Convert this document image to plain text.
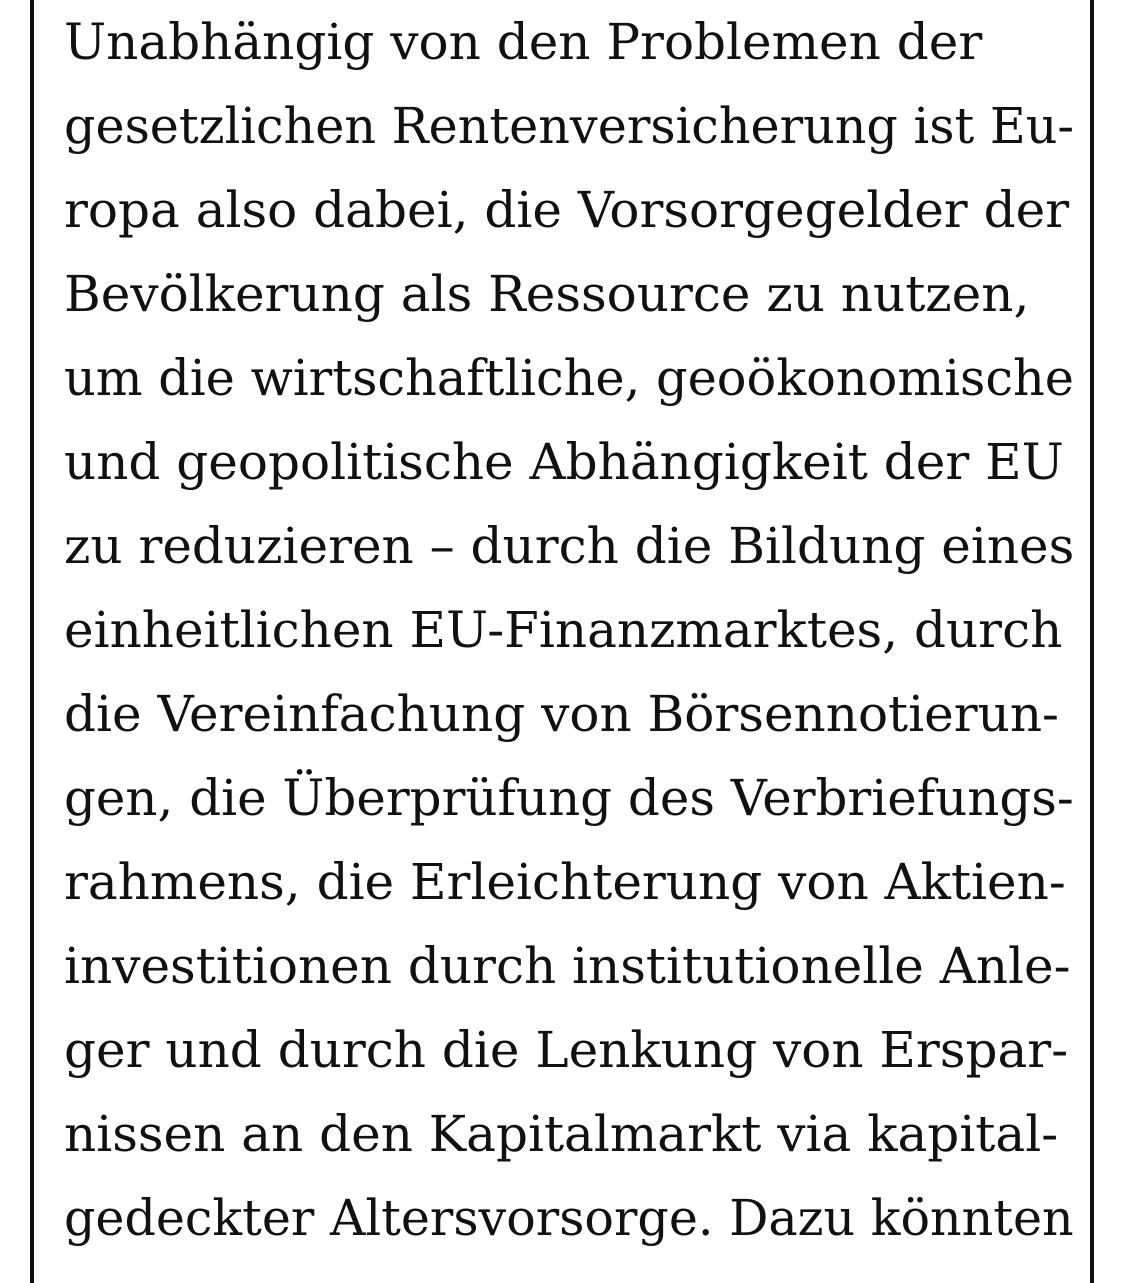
Unabhängig von den Problemen der
gesetzlichen Rentenversicherung ist Eu-
ropa also dabei, die Vorsorgegelder der
Bevölkerung als Ressource zu nutzen,
um die wirtschaftliche, geoökonomische
und geopolitische Abhängigkeit der EU
zu reduzieren – durch die Bildung eines
einheitlichen EU-Finanzmarktes, durch
die Vereinfachung von Börsennotierun-
gen, die Überprüfung des Verbriefungs-
rahmens, die Erleichterung von Aktien-
investitionen durch institutionelle Anle-
ger und durch die Lenkung von Erspar-
nissen an den Kapitalmarkt via kapital-
gedeckter Altersvorsorge. Dazu könnten
